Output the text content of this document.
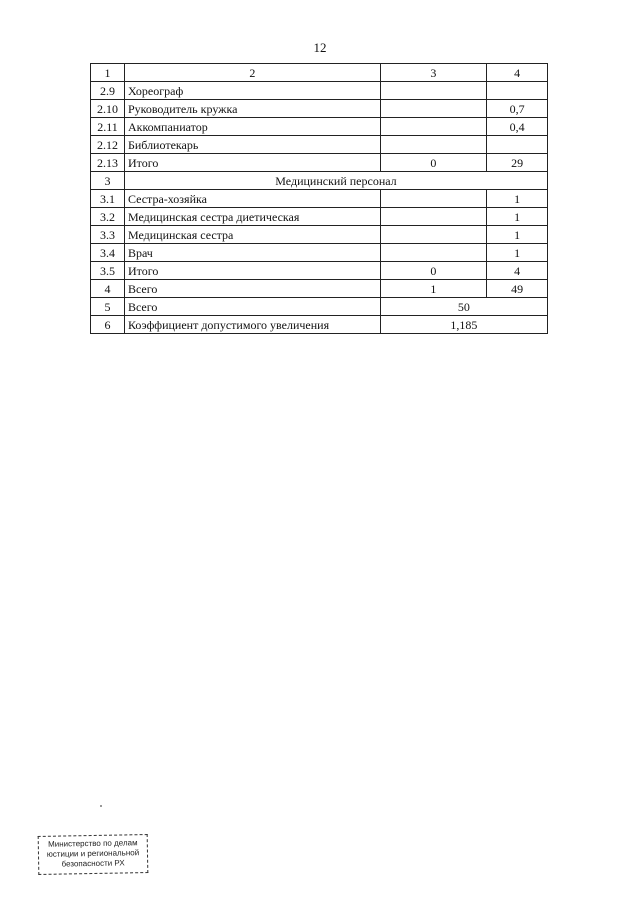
12
1	2	3	4
2.9	Хореограф		
2.10	Руководитель кружка		0,7
2.11	Аккомпаниатор		0,4
2.12	Библиотекарь		
2.13	Итого	0	29
3	Медицинский персонал		
3.1	Сестра-хозяйка		1
3.2	Медицинская сестра диетическая		1
3.3	Медицинская сестра		1
3.4	Врач		1
3.5	Итого	0	4
4	Всего	1	49
5	Всего	50	
6	Коэффициент допустимого увеличения	1,185	
Министерство по делам
юстиции и региональной
безопасности РХ
